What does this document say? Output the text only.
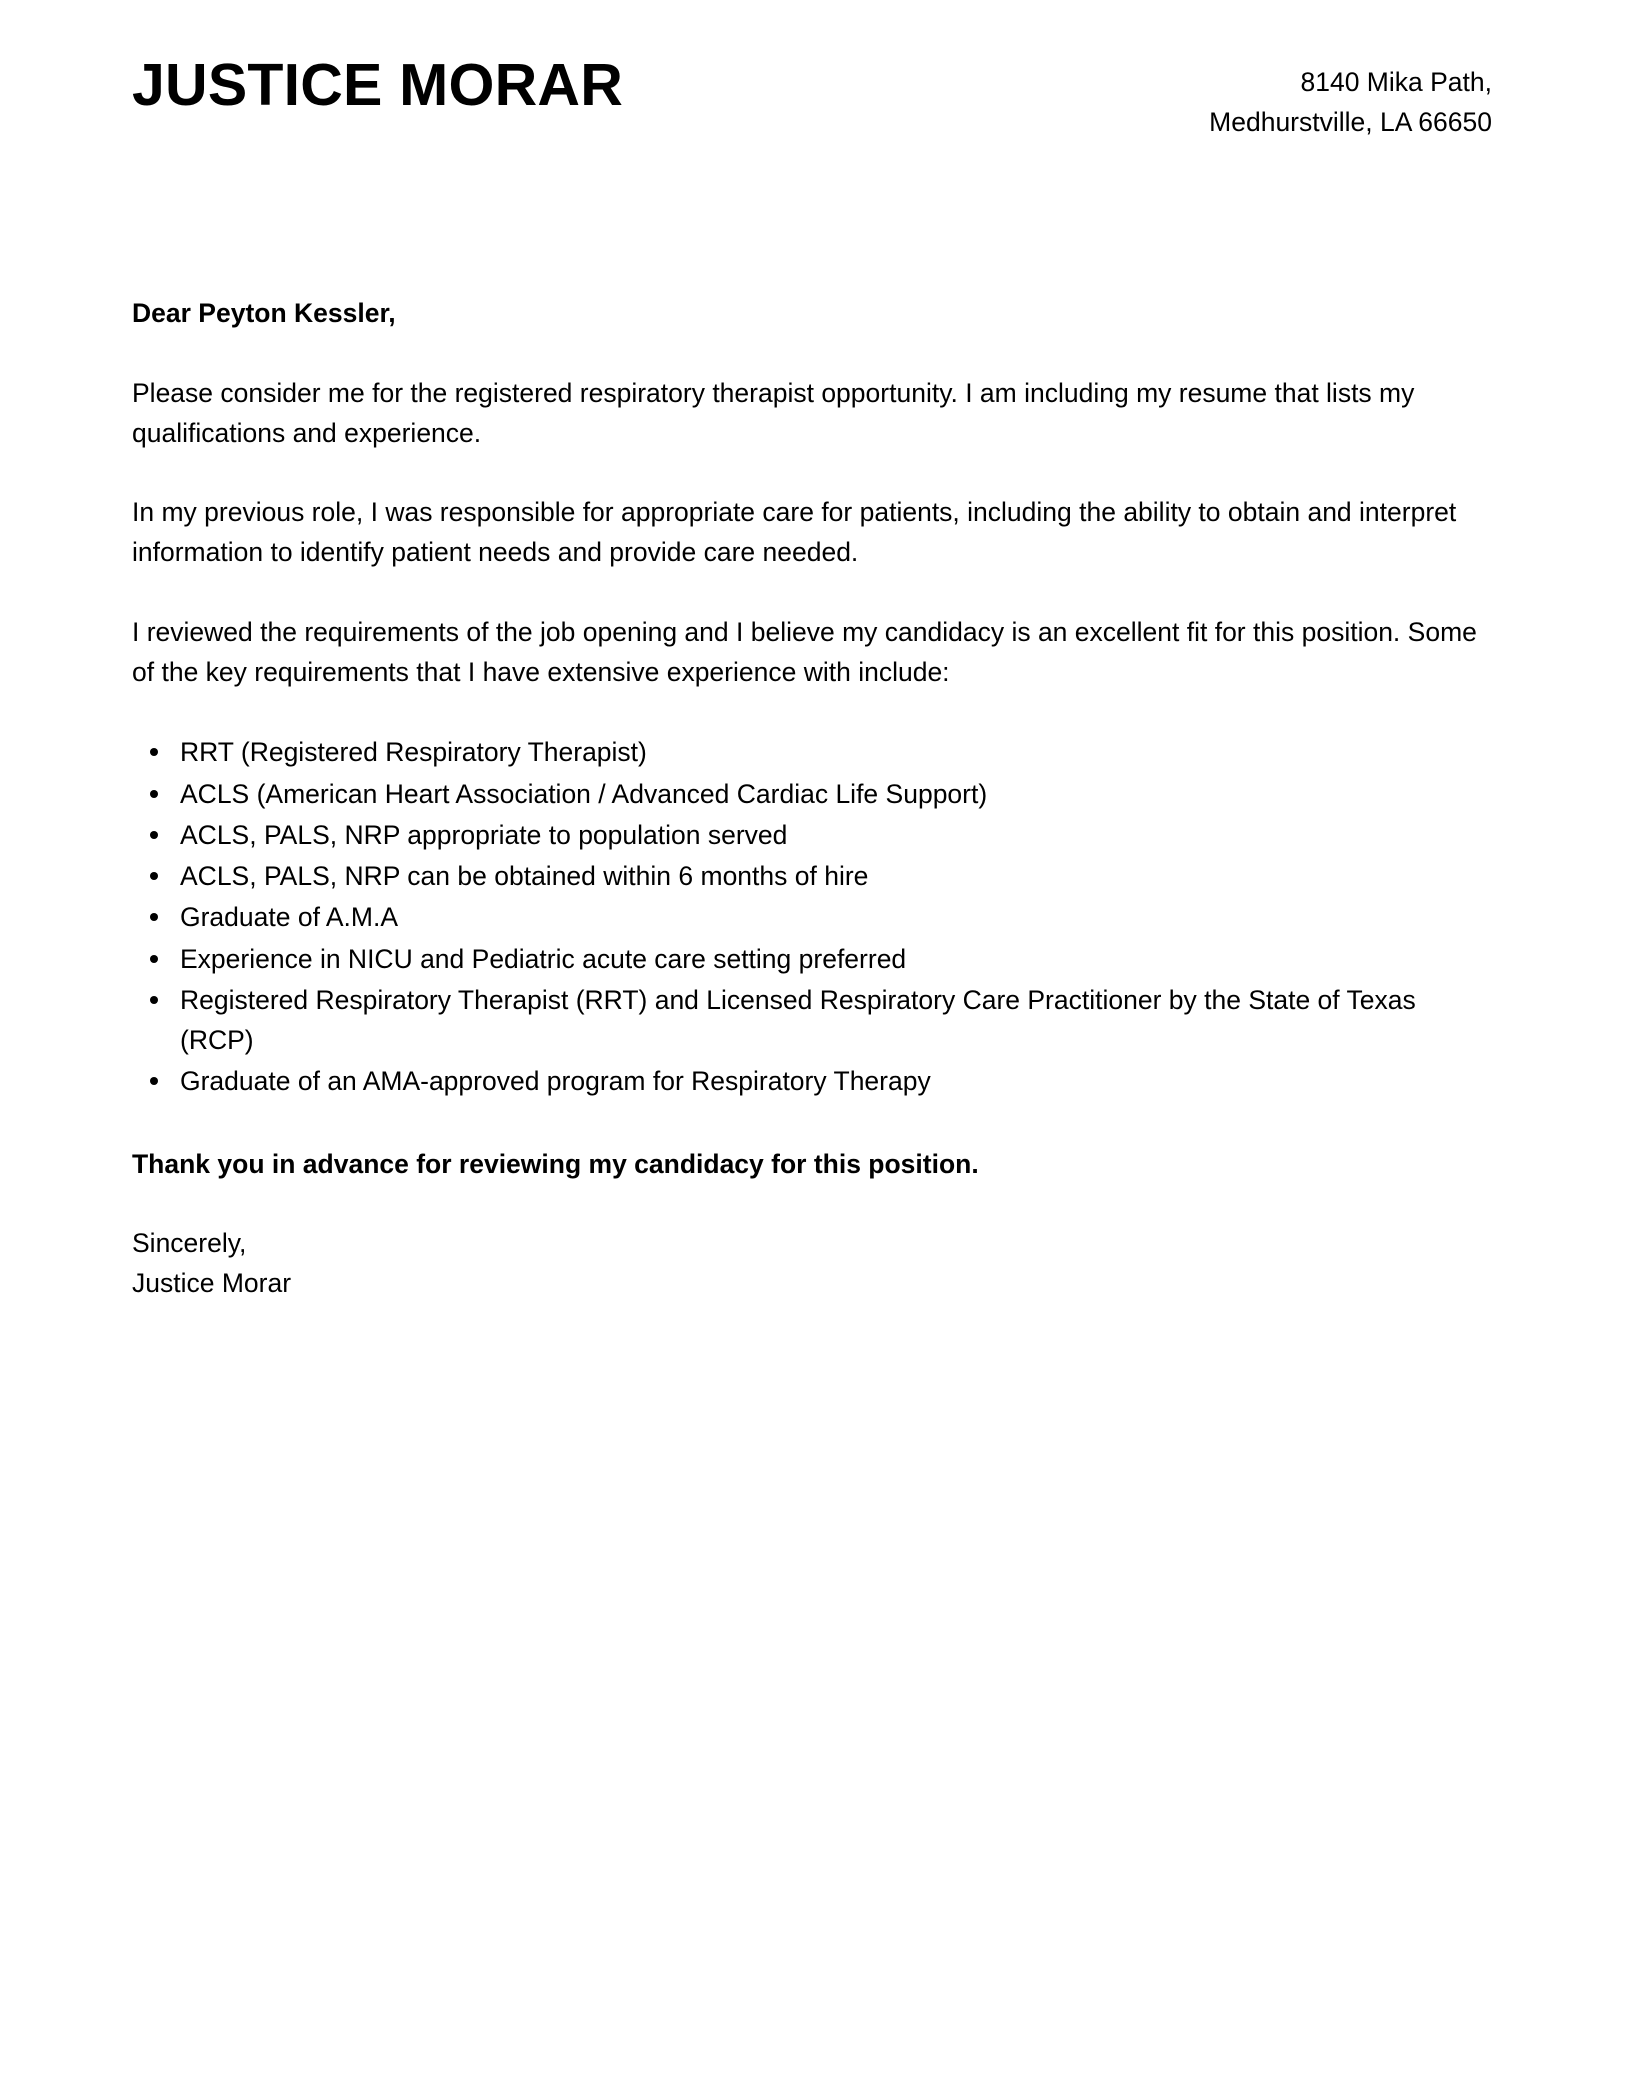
JUSTICE MORAR	8140 Mika Path,
Medhurstville, LA 66650

Dear Peyton Kessler,

Please consider me for the registered respiratory therapist opportunity. I am including my resume that lists my qualifications and experience.

In my previous role, I was responsible for appropriate care for patients, including the ability to obtain and interpret information to identify patient needs and provide care needed.

I reviewed the requirements of the job opening and I believe my candidacy is an excellent fit for this position. Some of the key requirements that I have extensive experience with include:

RRT (Registered Respiratory Therapist)
ACLS (American Heart Association / Advanced Cardiac Life Support)
ACLS, PALS, NRP appropriate to population served
ACLS, PALS, NRP can be obtained within 6 months of hire
Graduate of A.M.A
Experience in NICU and Pediatric acute care setting preferred
Registered Respiratory Therapist (RRT) and Licensed Respiratory Care Practitioner by the State of Texas (RCP)
Graduate of an AMA-approved program for Respiratory Therapy

Thank you in advance for reviewing my candidacy for this position.

Sincerely,
Justice Morar
